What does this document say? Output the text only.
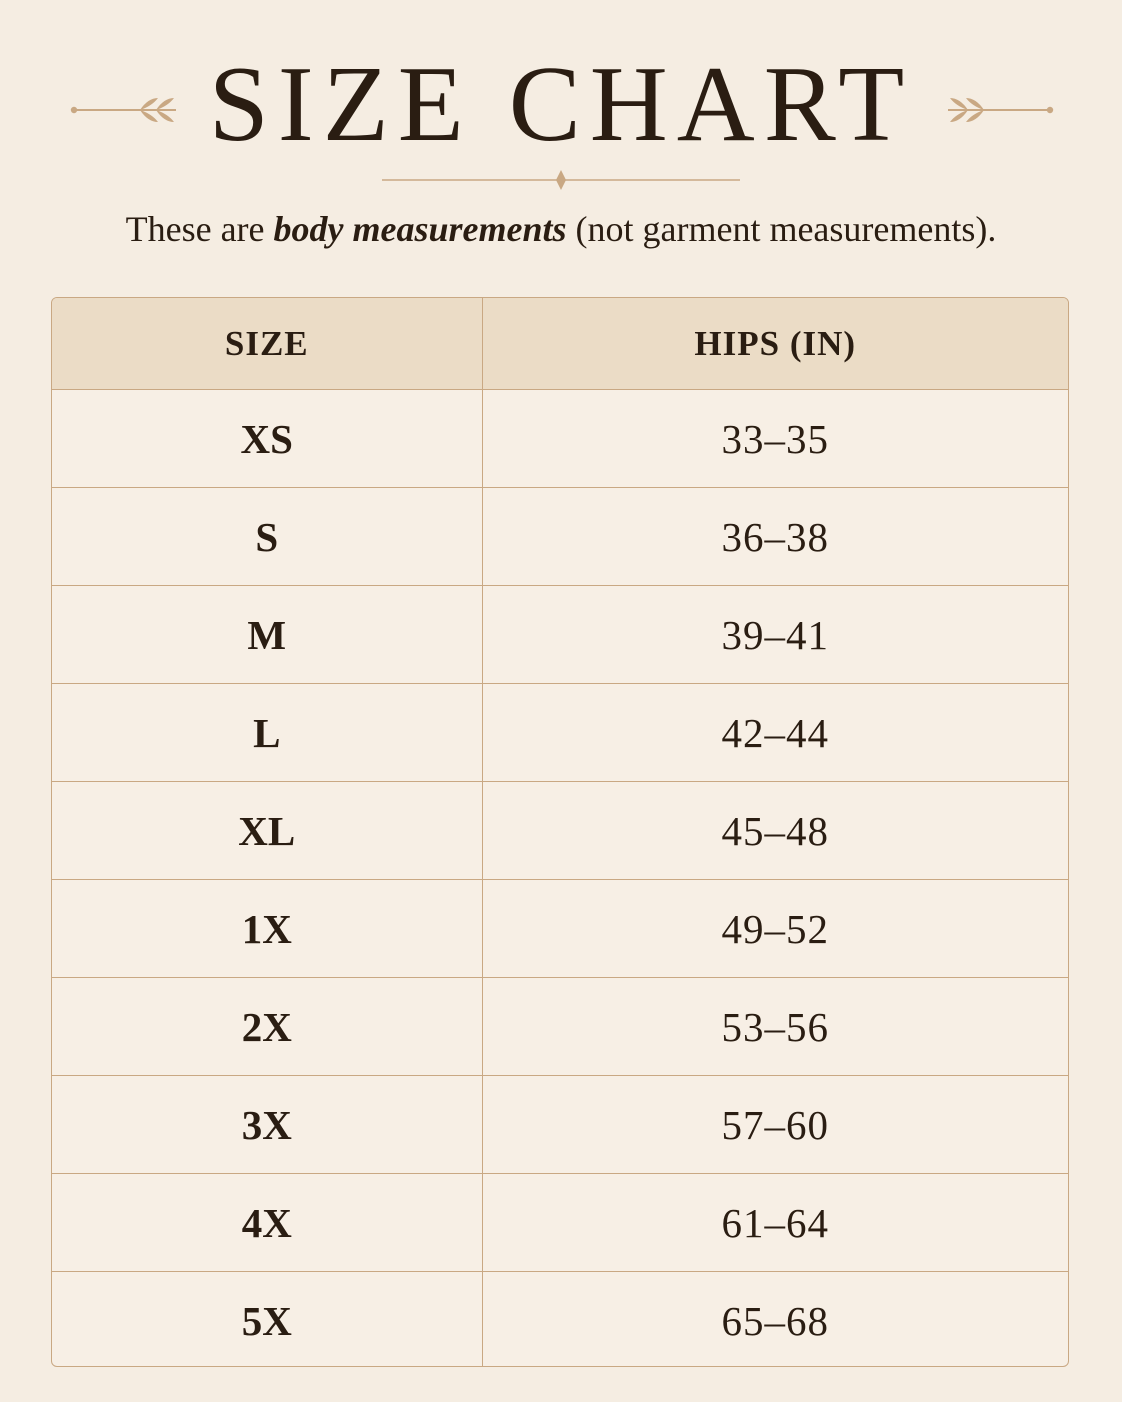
SIZE CHART
These are body measurements (not garment measurements).
SIZE	HIPS (IN)
XS	33–35
S	36–38
M	39–41
L	42–44
XL	45–48
1X	49–52
2X	53–56
3X	57–60
4X	61–64
5X	65–68
